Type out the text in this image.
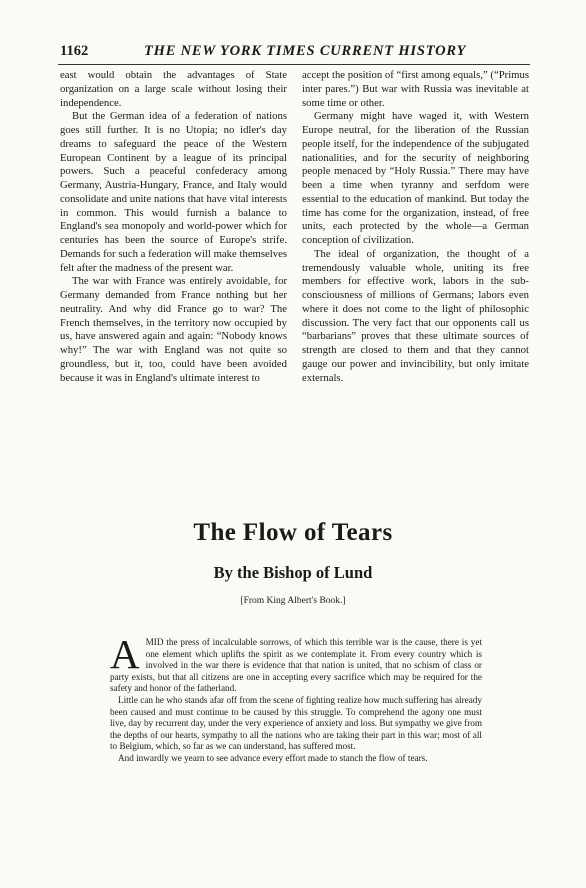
1162	THE NEW YORK TIMES CURRENT HISTORY

east would obtain the advantages of State organization on a large scale without losing their independence.

But the German idea of a federation of nations goes still further. It is no Utopia; no idler's day dreams to safeguard the peace of the Western European Continent by a league of its principal powers. Such a peaceful confederacy among Germany, Austria-Hungary, France, and Italy would consolidate and unite nations that have vital interests in common. This would furnish a balance to England's sea monopoly and world-power which for centuries has been the source of Europe's strife. Demands for such a federation will make themselves felt after the madness of the present war.

The war with France was entirely avoidable, for Germany demanded from France nothing but her neutrality. And why did France go to war? The French themselves, in the territory now occupied by us, have answered again and again: “Nobody knows why!” The war with England was not quite so groundless, but it, too, could have been avoided because it was in England's ultimate interest to

accept the position of “first among equals,” (“Primus inter pares.”) But war with Russia was inevitable at some time or other.

Germany might have waged it, with Western Europe neutral, for the liberation of the Russian people itself, for the independence of the subjugated nationalities, and for the security of neighboring people menaced by “Holy Russia.” There may have been a time when tyranny and serfdom were essential to the education of mankind. But today the time has come for the organization, instead, of free units, each protected by the whole—a German conception of civilization.

The ideal of organization, the thought of a tremendously valuable whole, uniting its free members for effective work, labors in the sub-consciousness of millions of Germans; labors even where it does not come to the light of philosophic discussion. The very fact that our opponents call us “barbarians” proves that these ultimate sources of strength are closed to them and that they cannot gauge our power and invincibility, but only imitate externals.

The Flow of Tears
By the Bishop of Lund

[From King Albert's Book.]

AMID the press of incalculable sorrows, of which this terrible war is the cause, there is yet one element which uplifts the spirit as we contemplate it. From every country which is involved in the war there is evidence that that nation is united, that no schism of class or party exists, but that all citizens are one in accepting every sacrifice which may be required for the safety and honor of the fatherland.

Little can he who stands afar off from the scene of fighting realize how much suffering has already been caused and must continue to be caused by this struggle. To comprehend the agony one must live, day by recurrent day, under the very experience of anxiety and loss. But sympathy we give from the depths of our hearts, sympathy to all the nations who are taking their part in this war; most of all to Belgium, which, so far as we can understand, has suffered most.

And inwardly we yearn to see advance every effort made to stanch the flow of tears.
